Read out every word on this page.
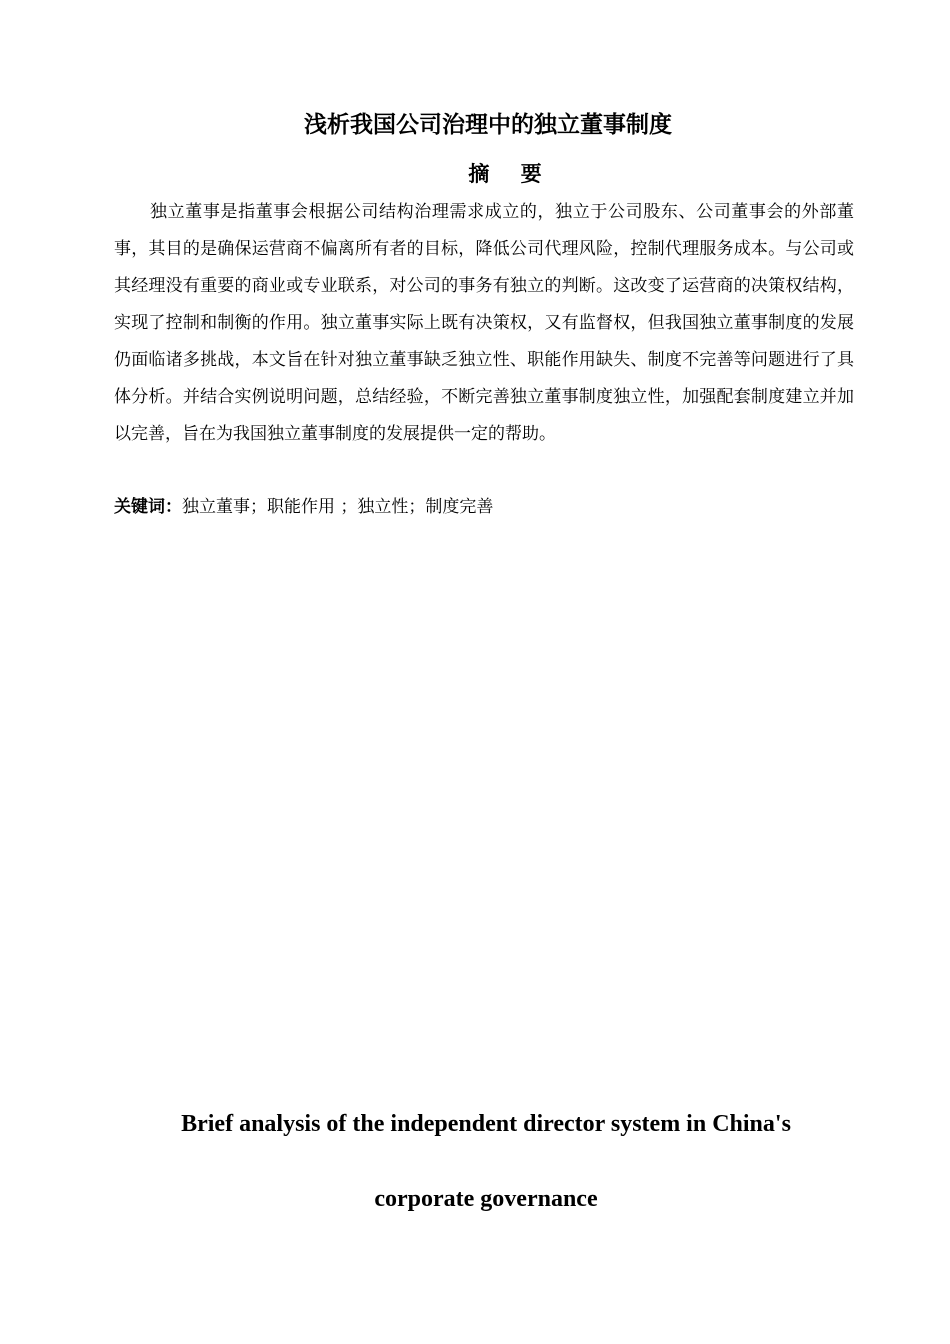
浅析我国公司治理中的独立董事制度
摘 要

独立董事是指董事会根据公司结构治理需求成立的，独立于公司股东、公司董事会的外部董事，其目的是确保运营商不偏离所有者的目标，降低公司代理风险，控制代理服务成本。与公司或其经理没有重要的商业或专业联系，对公司的事务有独立的判断。这改变了运营商的决策权结构，实现了控制和制衡的作用。独立董事实际上既有决策权，又有监督权，但我国独立董事制度的发展仍面临诸多挑战，本文旨在针对独立董事缺乏独立性、职能作用缺失、制度不完善等问题进行了具体分析。并结合实例说明问题，总结经验，不断完善独立董事制度独立性，加强配套制度建立并加以完善，旨在为我国独立董事制度的发展提供一定的帮助。

关键词：独立董事；职能作用 ；独立性；制度完善

Brief analysis of the independent director system in China's
corporate governance
